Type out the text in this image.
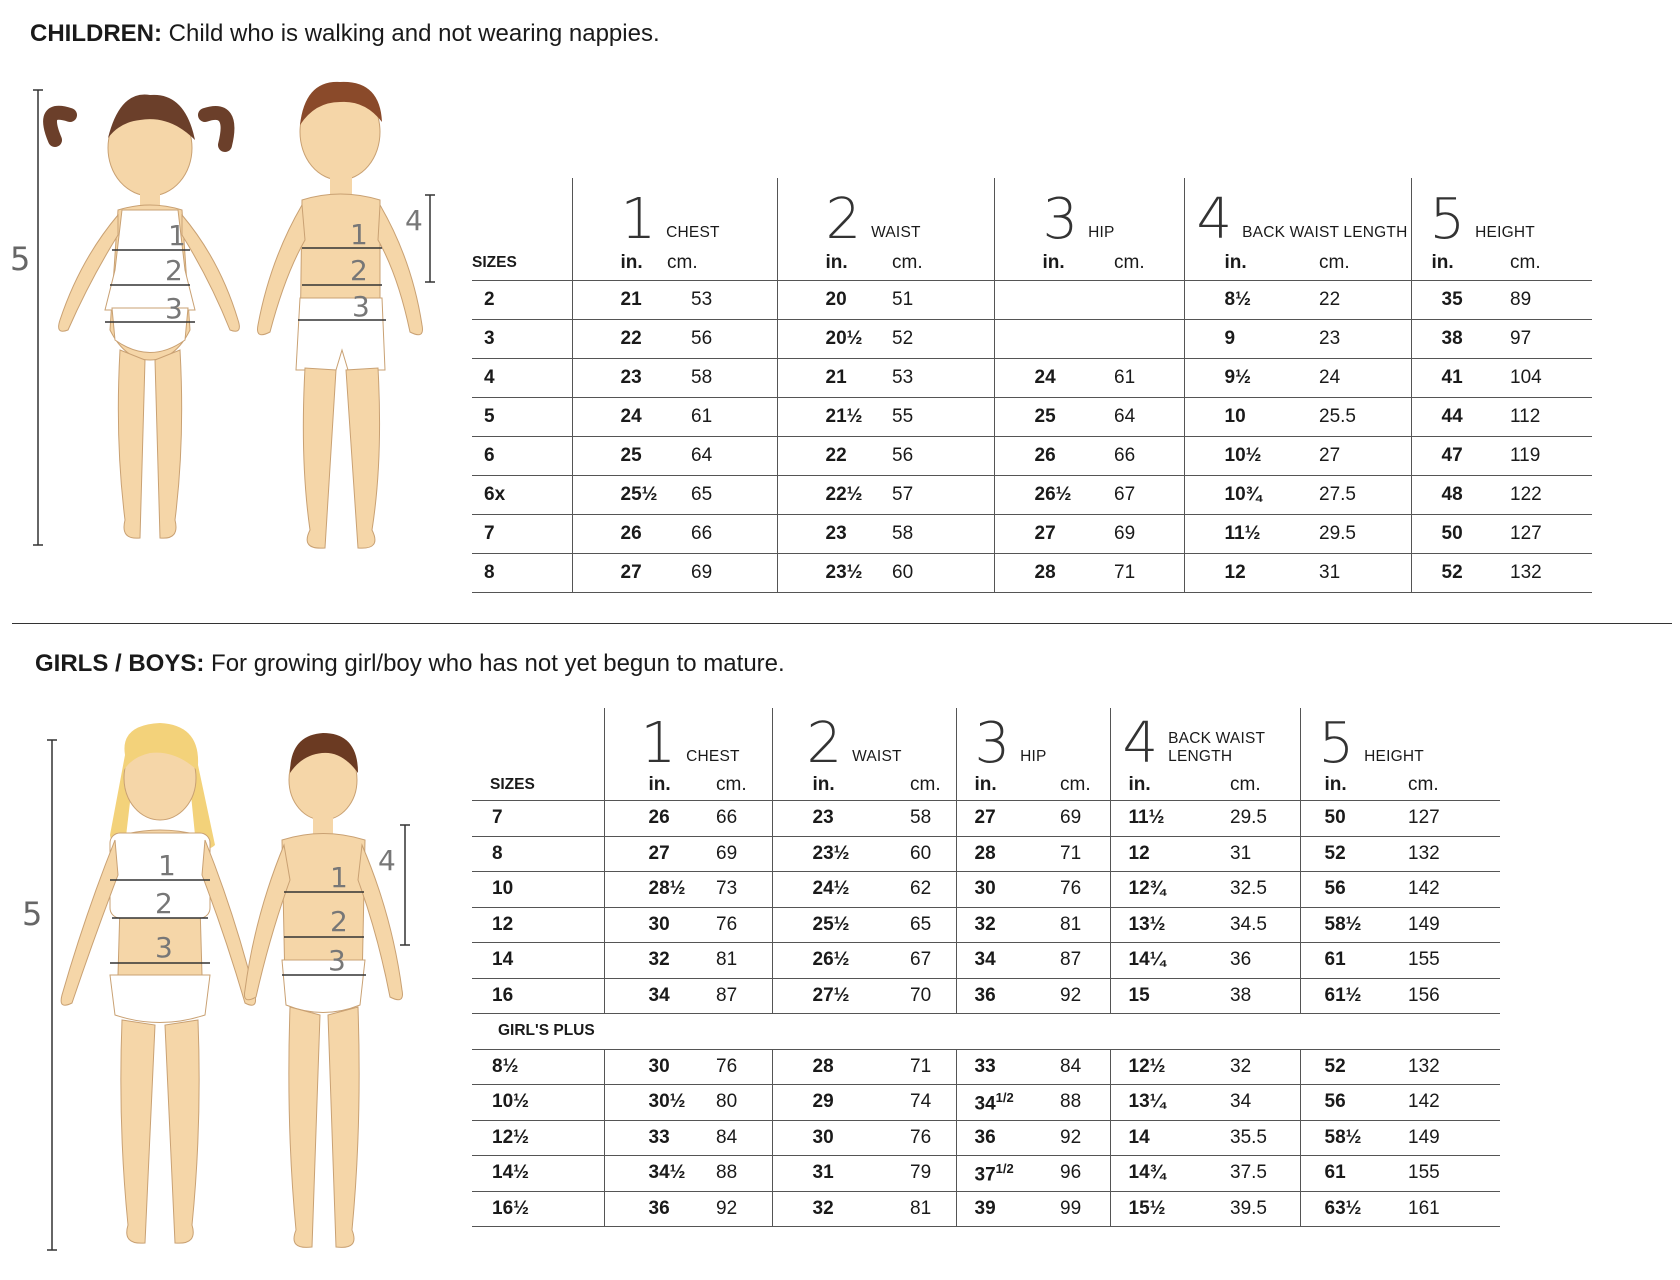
CHILDREN: Child who is walking and not wearing nappies.
5
1
2
3
1
2
3
4

	1 CHEST		2 WAIST		3 HIP		4 BACK WAIST LENGTH		5 HEIGHT	

SIZES	in.	cm.	in.	cm.	in.	cm.	in.	cm.	in.	cm.
2	21	53	20	51			8½	22	35	89
3	22	56	20½	52			9	23	38	97
4	23	58	21	53	24	61	9½	24	41	104
5	24	61	21½	55	25	64	10	25.5	44	112
6	25	64	22	56	26	66	10½	27	47	119
6x	25½	65	22½	57	26½	67	10¾	27.5	48	122
7	26	66	23	58	27	69	11½	29.5	50	127
8	27	69	23½	60	28	71	12	31	52	132
GIRLS / BOYS: For growing girl/boy who has not yet begun to mature.
5
1
2
3
1
2
3
4

	1 CHEST		2 WAIST		3 HIP		4 BACK WAIST LENGTH		5 HEIGHT	

SIZES	in.	cm.	in.	cm.	in.	cm.	in.	cm.	in.	cm.
7	26	66	23	58	27	69	11½	29.5	50	127
8	27	69	23½	60	28	71	12	31	52	132
10	28½	73	24½	62	30	76	12¾	32.5	56	142
12	30	76	25½	65	32	81	13½	34.5	58½	149
14	32	81	26½	67	34	87	14¼	36	61	155
16	34	87	27½	70	36	92	15	38	61½	156
GIRL'S PLUS										
8½	30	76	28	71	33	84	12½	32	52	132
10½	30½	80	29	74	$34^{1/2}$	88	13¼	34	56	142
12½	33	84	30	76	36	92	14	35.5	58½	149
14½	34½	88	31	79	$37^{1/2}$	96	14¾	37.5	61	155
16½	36	92	32	81	39	99	15½	39.5	63½	161
